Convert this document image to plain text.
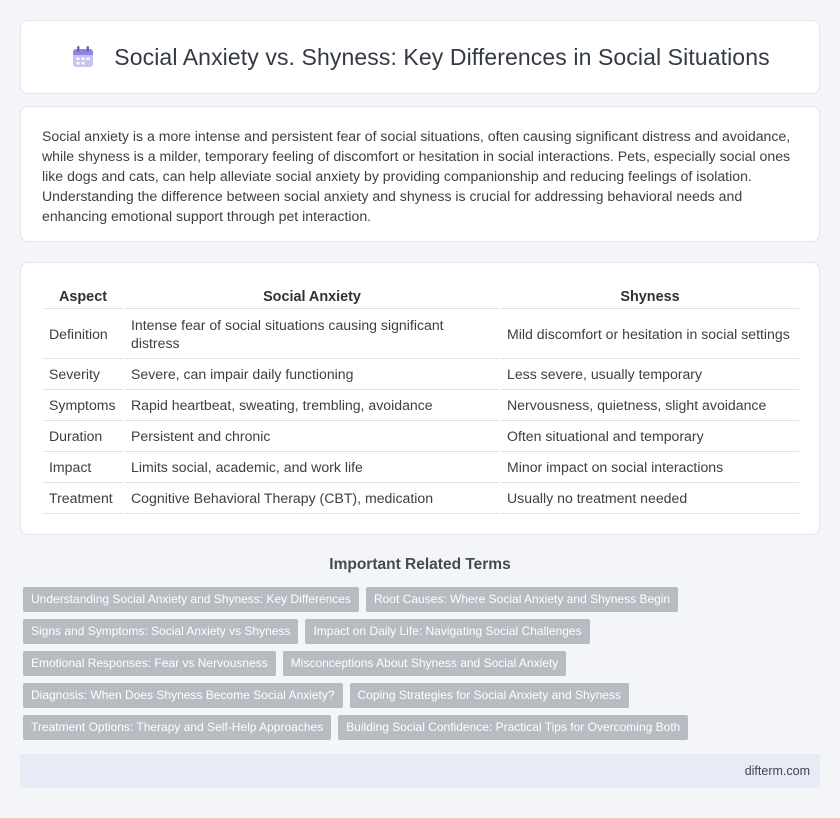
Social Anxiety vs. Shyness: Key Differences in Social Situations

Social anxiety is a more intense and persistent fear of social situations, often causing significant distress and avoidance, while shyness is a milder, temporary feeling of discomfort or hesitation in social interactions. Pets, especially social ones like dogs and cats, can help alleviate social anxiety by providing companionship and reducing feelings of isolation. Understanding the difference between social anxiety and shyness is crucial for addressing behavioral needs and enhancing emotional support through pet interaction.

Aspect	Social Anxiety	Shyness
Definition	Intense fear of social situations causing significant distress	Mild discomfort or hesitation in social settings
Severity	Severe, can impair daily functioning	Less severe, usually temporary
Symptoms	Rapid heartbeat, sweating, trembling, avoidance	Nervousness, quietness, slight avoidance
Duration	Persistent and chronic	Often situational and temporary
Impact	Limits social, academic, and work life	Minor impact on social interactions
Treatment	Cognitive Behavioral Therapy (CBT), medication	Usually no treatment needed
Important Related Terms
Understanding Social Anxiety and Shyness: Key Differences	Root Causes: Where Social Anxiety and Shyness Begin
Signs and Symptoms: Social Anxiety vs Shyness	Impact on Daily Life: Navigating Social Challenges
Emotional Responses: Fear vs Nervousness	Misconceptions About Shyness and Social Anxiety
Diagnosis: When Does Shyness Become Social Anxiety?	Coping Strategies for Social Anxiety and Shyness
Treatment Options: Therapy and Self-Help Approaches	Building Social Confidence: Practical Tips for Overcoming Both
difterm.com
